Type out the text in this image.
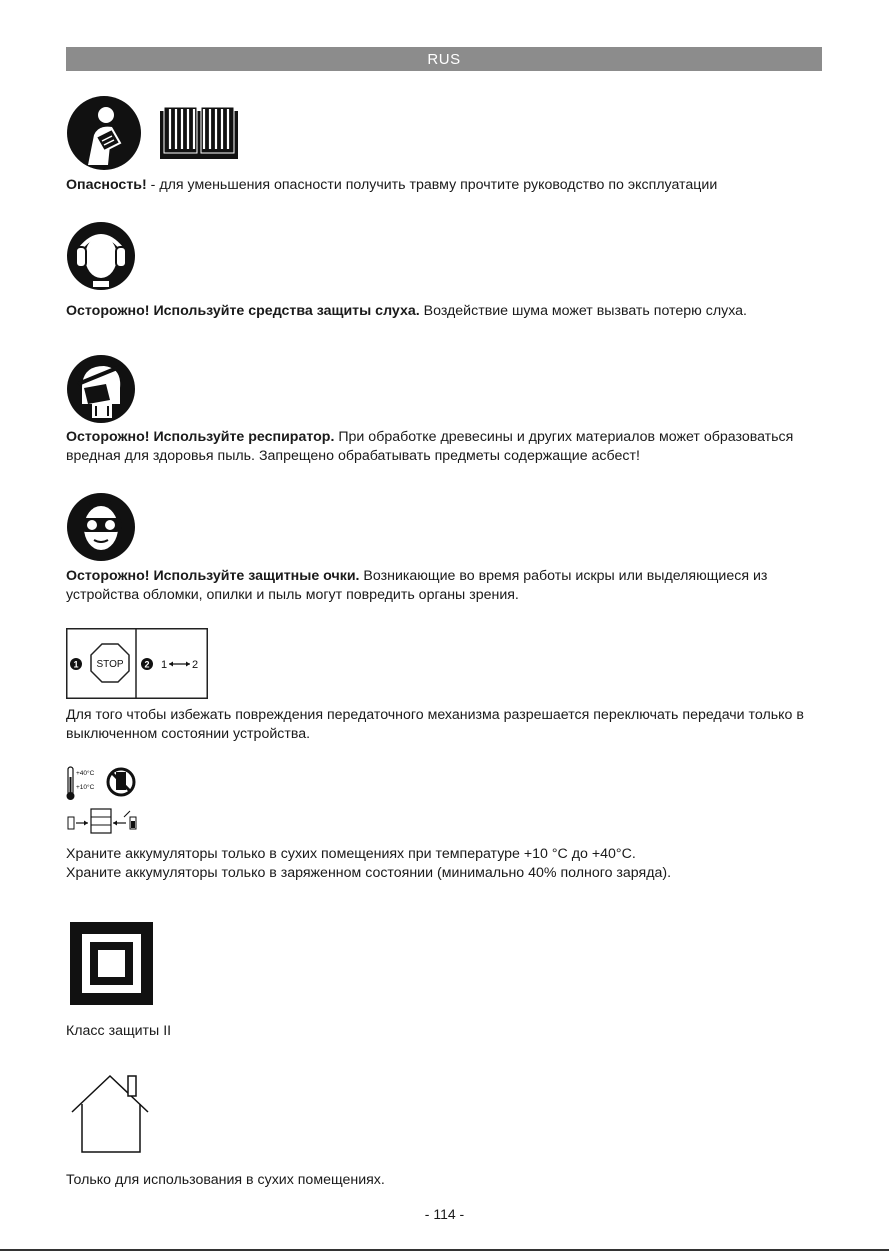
RUS

Опасность! - для уменьшения опасности получить травму прочтите руководство по эксплуатации

Осторожно! Используйте средства защиты слуха. Воздействие шума может вызвать потерю слуха.

Осторожно! Используйте респиратор. При обработке древесины и других материалов может образоваться вредная для здоровья пыль. Запрещено обрабатывать предметы содержащие асбест!

Осторожно! Используйте защитные очки. Возникающие во время работы искры или выделяющиеся из устройства обломки, опилки и пыль могут повредить органы зрения.

1 STOP 2 1 2

Для того чтобы избежать повреждения передаточного механизма разрешается переключать передачи только в выключенном состоянии устройства.

+40°C
+10°C

Храните аккумуляторы только в сухих помещениях при температуре +10 °C до +40°C.

Храните аккумуляторы только в заряженном состоянии (минимально 40% полного заряда).

Класс защиты II

Только для использования в сухих помещениях.

- 114 -
